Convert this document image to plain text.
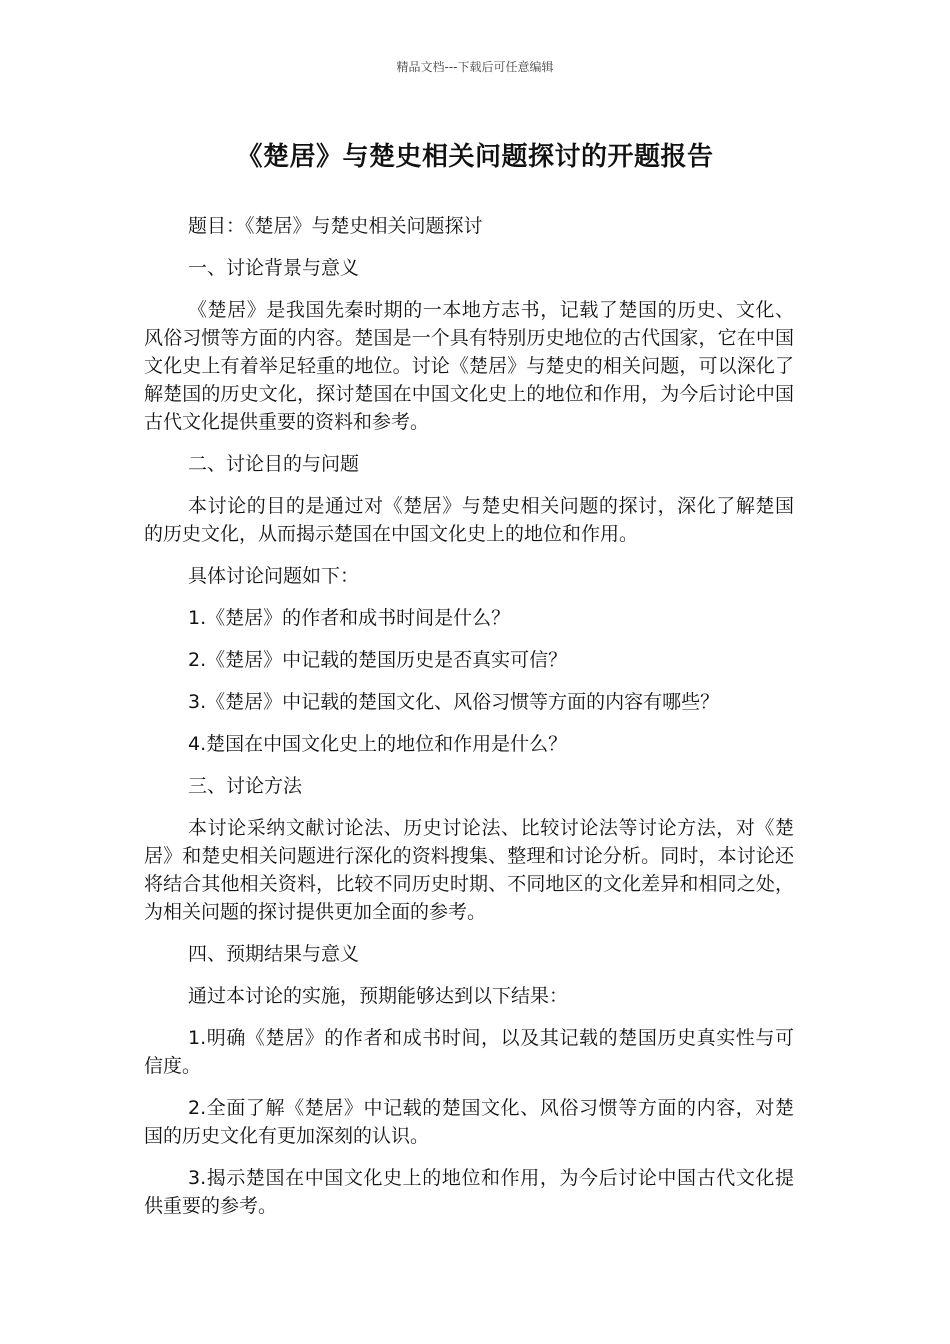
精品文档---下载后可任意编辑
《楚居》与楚史相关问题探讨的开题报告

题目：《楚居》与楚史相关问题探讨

一、讨论背景与意义

《楚居》是我国先秦时期的一本地方志书，记载了楚国的历史、文化、风俗习惯等方面的内容。楚国是一个具有特别历史地位的古代国家，它在中国文化史上有着举足轻重的地位。讨论《楚居》与楚史的相关问题，可以深化了解楚国的历史文化，探讨楚国在中国文化史上的地位和作用，为今后讨论中国古代文化提供重要的资料和参考。

二、讨论目的与问题

本讨论的目的是通过对《楚居》与楚史相关问题的探讨，深化了解楚国的历史文化，从而揭示楚国在中国文化史上的地位和作用。

具体讨论问题如下：

1.《楚居》的作者和成书时间是什么？

2.《楚居》中记载的楚国历史是否真实可信？

3.《楚居》中记载的楚国文化、风俗习惯等方面的内容有哪些？

4.楚国在中国文化史上的地位和作用是什么？

三、讨论方法

本讨论采纳文献讨论法、历史讨论法、比较讨论法等讨论方法，对《楚居》和楚史相关问题进行深化的资料搜集、整理和讨论分析。同时，本讨论还将结合其他相关资料，比较不同历史时期、不同地区的文化差异和相同之处，为相关问题的探讨提供更加全面的参考。

四、预期结果与意义

通过本讨论的实施，预期能够达到以下结果：

1.明确《楚居》的作者和成书时间，以及其记载的楚国历史真实性与可信度。

2.全面了解《楚居》中记载的楚国文化、风俗习惯等方面的内容，对楚国的历史文化有更加深刻的认识。

3.揭示楚国在中国文化史上的地位和作用，为今后讨论中国古代文化提供重要的参考。
